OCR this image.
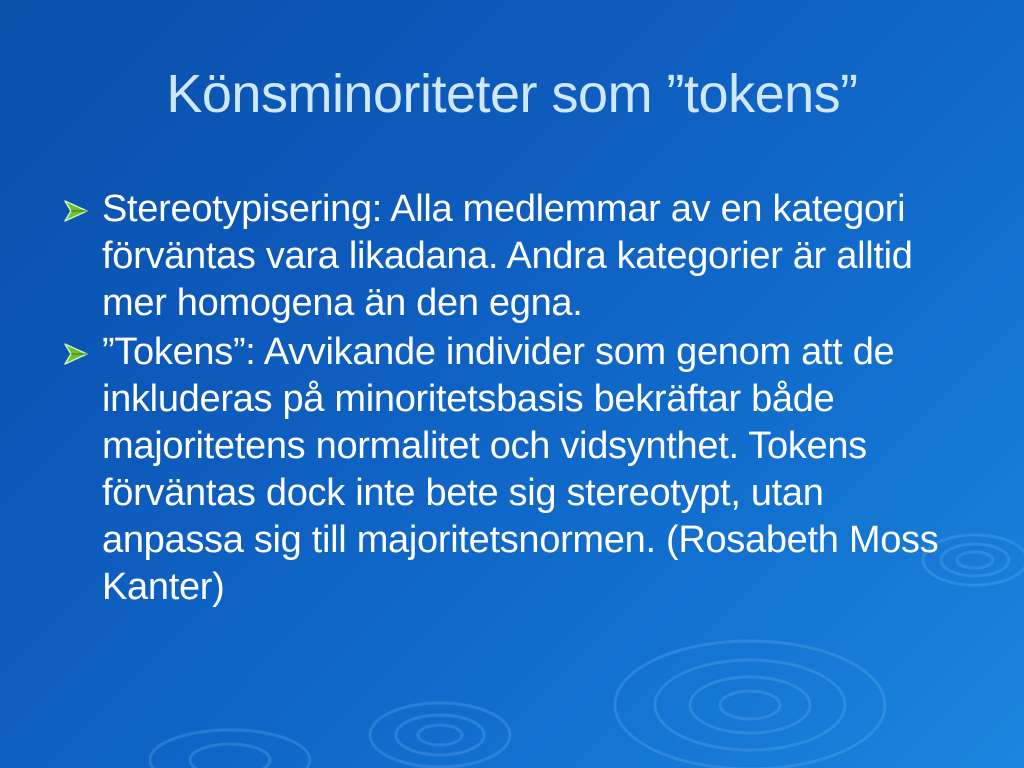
Könsminoriteter som ”tokens”
Stereotypisering: Alla medlemmar av en kategori förväntas vara likadana. Andra kategorier är alltid mer homogena än den egna.
”Tokens”: Avvikande individer som genom att de inkluderas på minoritetsbasis bekräftar både majoritetens normalitet och vidsynthet. Tokens förväntas dock inte bete sig stereotypt, utan anpassa sig till majoritetsnormen. (Rosabeth Moss Kanter)
